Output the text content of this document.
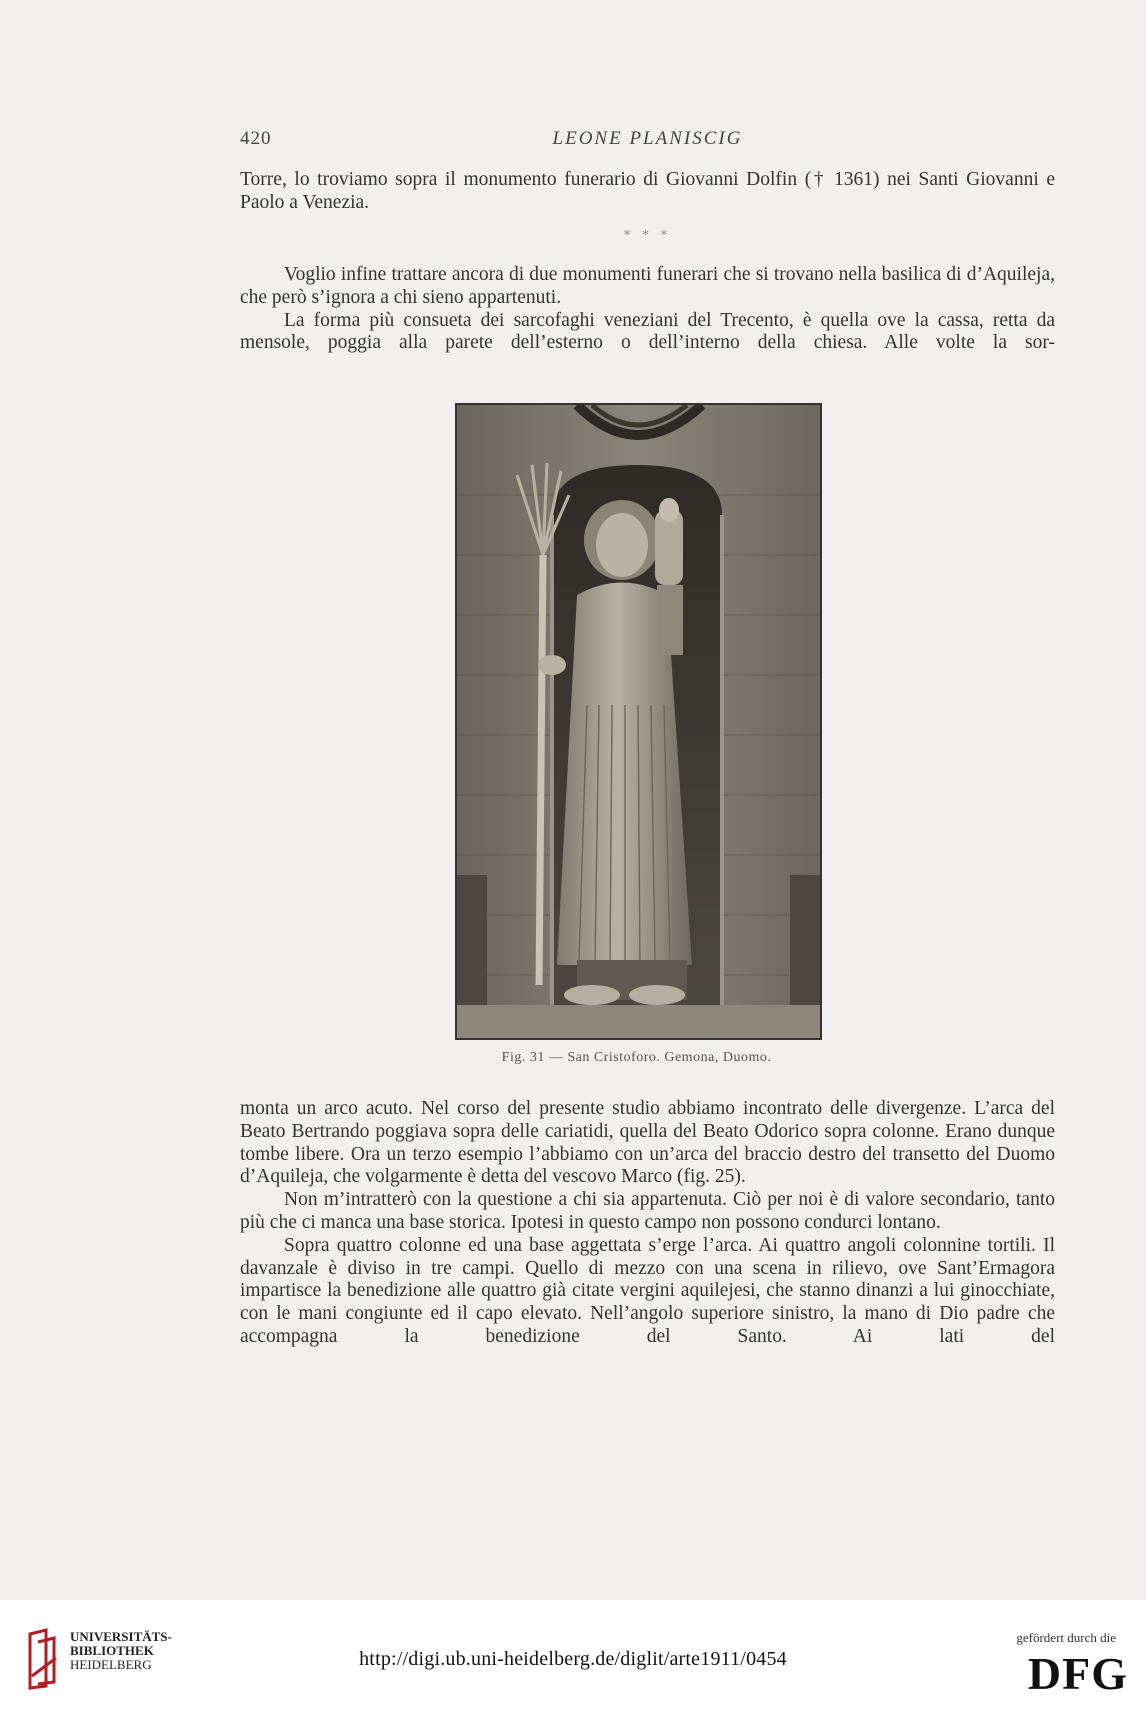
420	LEONE PLANISCIG

Torre, lo troviamo sopra il monumento funerario di Giovanni Dolfin († 1361) nei Santi Giovanni e Paolo a Venezia.

* * *

Voglio infine trattare ancora di due monumenti funerari che si trovano nella basilica di d’Aquileja, che però s’ignora a chi sieno appartenuti.

La forma più consueta dei sarcofaghi veneziani del Trecento, è quella ove la cassa, retta da mensole, poggia alla parete dell’esterno o dell’interno della chiesa. Alle volte la sor-

Fig. 31 — San Cristoforo. Gemona, Duomo.

monta un arco acuto. Nel corso del presente studio abbiamo incontrato delle divergenze. L’arca del Beato Bertrando poggiava sopra delle cariatidi, quella del Beato Odorico sopra colonne. Erano dunque tombe libere. Ora un terzo esempio l’abbiamo con un’arca del braccio destro del transetto del Duomo d’Aquileja, che volgarmente è detta del vescovo Marco (fig. 25).

Non m’intratterò con la questione a chi sia appartenuta. Ciò per noi è di valore secondario, tanto più che ci manca una base storica. Ipotesi in questo campo non possono condurci lontano.

Sopra quattro colonne ed una base aggettata s’erge l’arca. Ai quattro angoli colonnine tortili. Il davanzale è diviso in tre campi. Quello di mezzo con una scena in rilievo, ove Sant’Ermagora impartisce la benedizione alle quattro già citate vergini aquilejesi, che stanno dinanzi a lui ginocchiate, con le mani congiunte ed il capo elevato. Nell’angolo superiore sinistro, la mano di Dio padre che accompagna la benedizione del Santo. Ai lati del

UNIVERSITÄTS-
BIBLIOTHEK
HEIDELBERG	http://digi.ub.uni-heidelberg.de/diglit/arte1911/0454
gefördert durch die
DFG
